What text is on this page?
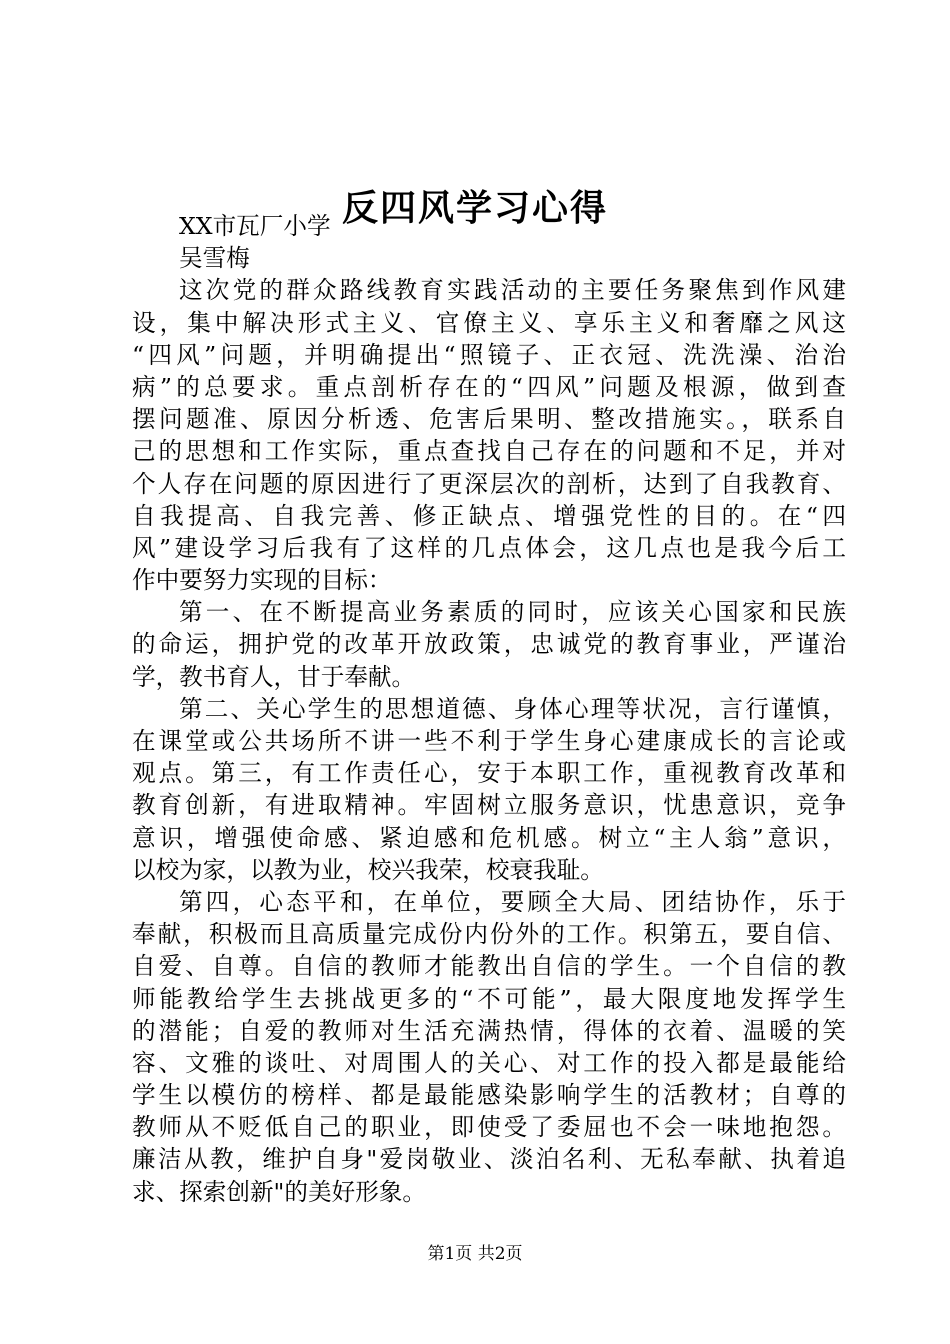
反四风学习心得
XX市瓦厂小学
吴雪梅
这次党的群众路线教育实践活动的主要任务聚焦到作风建
设，集中解决形式主义、官僚主义、享乐主义和奢靡之风这
“四风”问题，并明确提出“照镜子、正衣冠、洗洗澡、治治
病”的总要求。重点剖析存在的“四风”问题及根源，做到查
摆问题准、原因分析透、危害后果明、整改措施实。，联系自
己的思想和工作实际，重点查找自己存在的问题和不足，并对
个人存在问题的原因进行了更深层次的剖析，达到了自我教育、
自我提高、自我完善、修正缺点、增强党性的目的。在“四
风”建设学习后我有了这样的几点体会，这几点也是我今后工
作中要努力实现的目标：
第一、在不断提高业务素质的同时，应该关心国家和民族
的命运，拥护党的改革开放政策，忠诚党的教育事业，严谨治
学，教书育人，甘于奉献。
第二、关心学生的思想道德、身体心理等状况，言行谨慎，
在课堂或公共场所不讲一些不利于学生身心建康成长的言论或
观点。第三，有工作责任心，安于本职工作，重视教育改革和
教育创新，有进取精神。牢固树立服务意识，忧患意识，竞争
意识，增强使命感、紧迫感和危机感。树立“主人翁”意识，
以校为家，以教为业，校兴我荣，校衰我耻。
第四，心态平和，在单位，要顾全大局、团结协作，乐于
奉献，积极而且高质量完成份内份外的工作。积第五，要自信、
自爱、自尊。自信的教师才能教出自信的学生。一个自信的教
师能教给学生去挑战更多的“不可能”，最大限度地发挥学生
的潜能；自爱的教师对生活充满热情，得体的衣着、温暖的笑
容、文雅的谈吐、对周围人的关心、对工作的投入都是最能给
学生以模仿的榜样、都是最能感染影响学生的活教材；自尊的
教师从不贬低自己的职业，即使受了委屈也不会一味地抱怨。
廉洁从教，维护自身"爱岗敬业、淡泊名利、无私奉献、执着追
求、探索创新"的美好形象。
第1页 共2页
